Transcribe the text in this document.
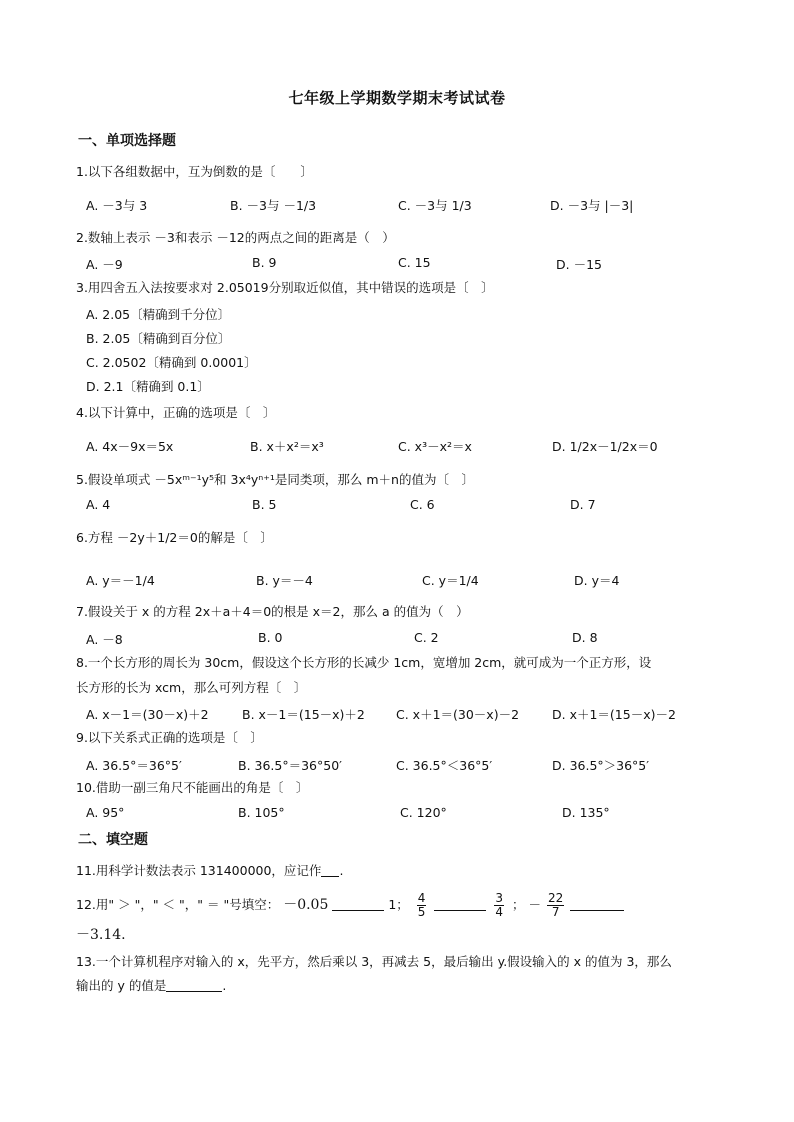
七年级上学期数学期末考试试卷
一、单项选择题
1.以下各组数据中，互为倒数的是〔　　〕
A. －3与 3	B. －3与 －1/3	C. －3与 1/3	D. －3与 |－3|
2.数轴上表示 －3和表示 －12的两点之间的距离是（　）
A. －9	B. 9	C. 15	D. －15
3.用四舍五入法按要求对 2.05019分别取近似值，其中错误的选项是〔　〕
A. 2.05〔精确到千分位〕
B. 2.05〔精确到百分位〕
C. 2.0502〔精确到 0.0001〕
D. 2.1〔精确到 0.1〕
4.以下计算中，正确的选项是〔　〕
A. 4x－9x＝5x	B. x＋x²＝x³	C. x³－x²＝x	D. 1/2x－1/2x＝0
5.假设单项式 －5xᵐ⁻¹y⁵和 3x⁴yⁿ⁺¹是同类项，那么 m＋n的值为〔　〕
A. 4	B. 5	C. 6	D. 7
6.方程 －2y＋1/2＝0的解是〔　〕
A. y＝－1/4	B. y＝－4	C. y＝1/4	D. y＝4
7.假设关于 x 的方程 2x＋a＋4＝0的根是 x＝2，那么 a 的值为（　）
A. －8	B. 0	C. 2	D. 8
8.一个长方形的周长为 30cm，假设这个长方形的长减少 1cm，宽增加 2cm，就可成为一个正方形，设
长方形的长为 xcm，那么可列方程〔　〕
A. x－1＝(30－x)＋2	B. x－1＝(15－x)＋2 C. x＋1＝(30－x)－2	D. x＋1＝(15－x)－2
9.以下关系式正确的选项是〔　〕
A. 36.5°＝36°5′	B. 36.5°＝36°50′	C. 36.5°＜36°5′	D. 36.5°＞36°5′
10.借助一副三角尺不能画出的角是〔　〕
A. 95°	B. 105°	C. 120°	D. 135°
二、填空题
11.用科学计数法表示 131400000，应记作 .
12.用" ＞ "，" ＜ "，" ＝ "号填空： －0.05	1； $\frac{4}{5}$
	$\frac{3}{4}$ ； － $\frac{22}{7}$

－3.14.
13.一个计算机程序对输入的 x，先平方，然后乘以 3，再减去 5，最后输出 y.假设输入的 x 的值为 3，那么
输出的 y 的值是	.
